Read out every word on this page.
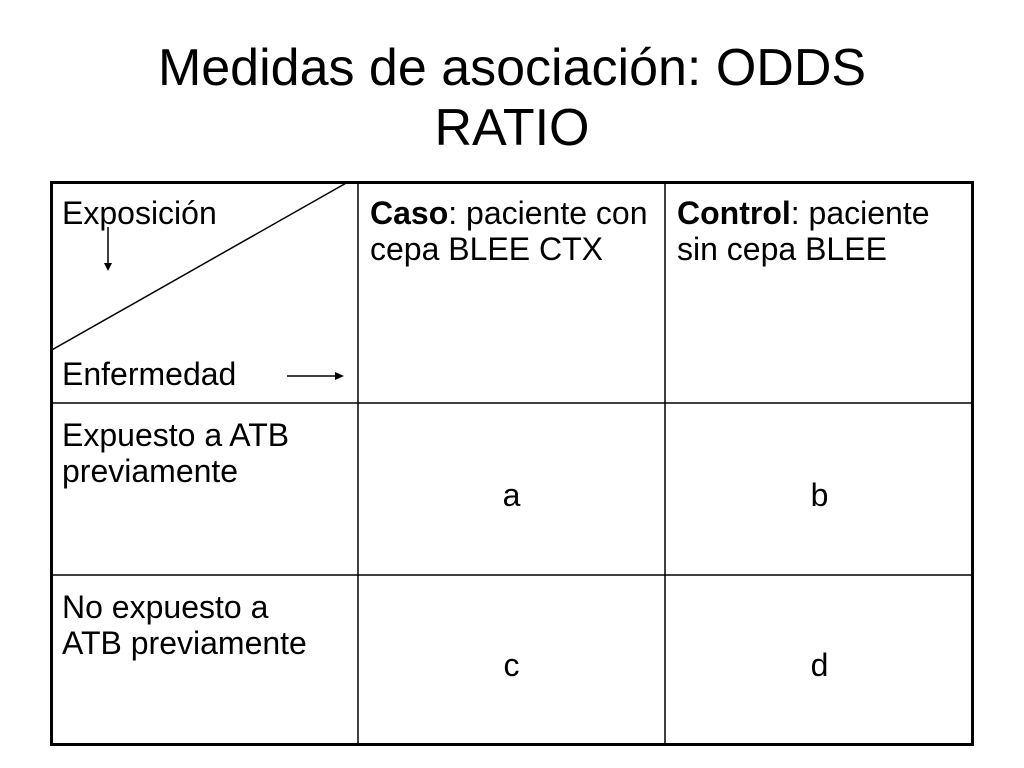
Medidas de asociación: ODDS
RATIO
Exposición
Enfermedad
Caso: paciente con cepa BLEE CTX
Control: paciente sin cepa BLEE
Expuesto a ATB previamente
a	b
No expuesto a ATB previamente
c	d
